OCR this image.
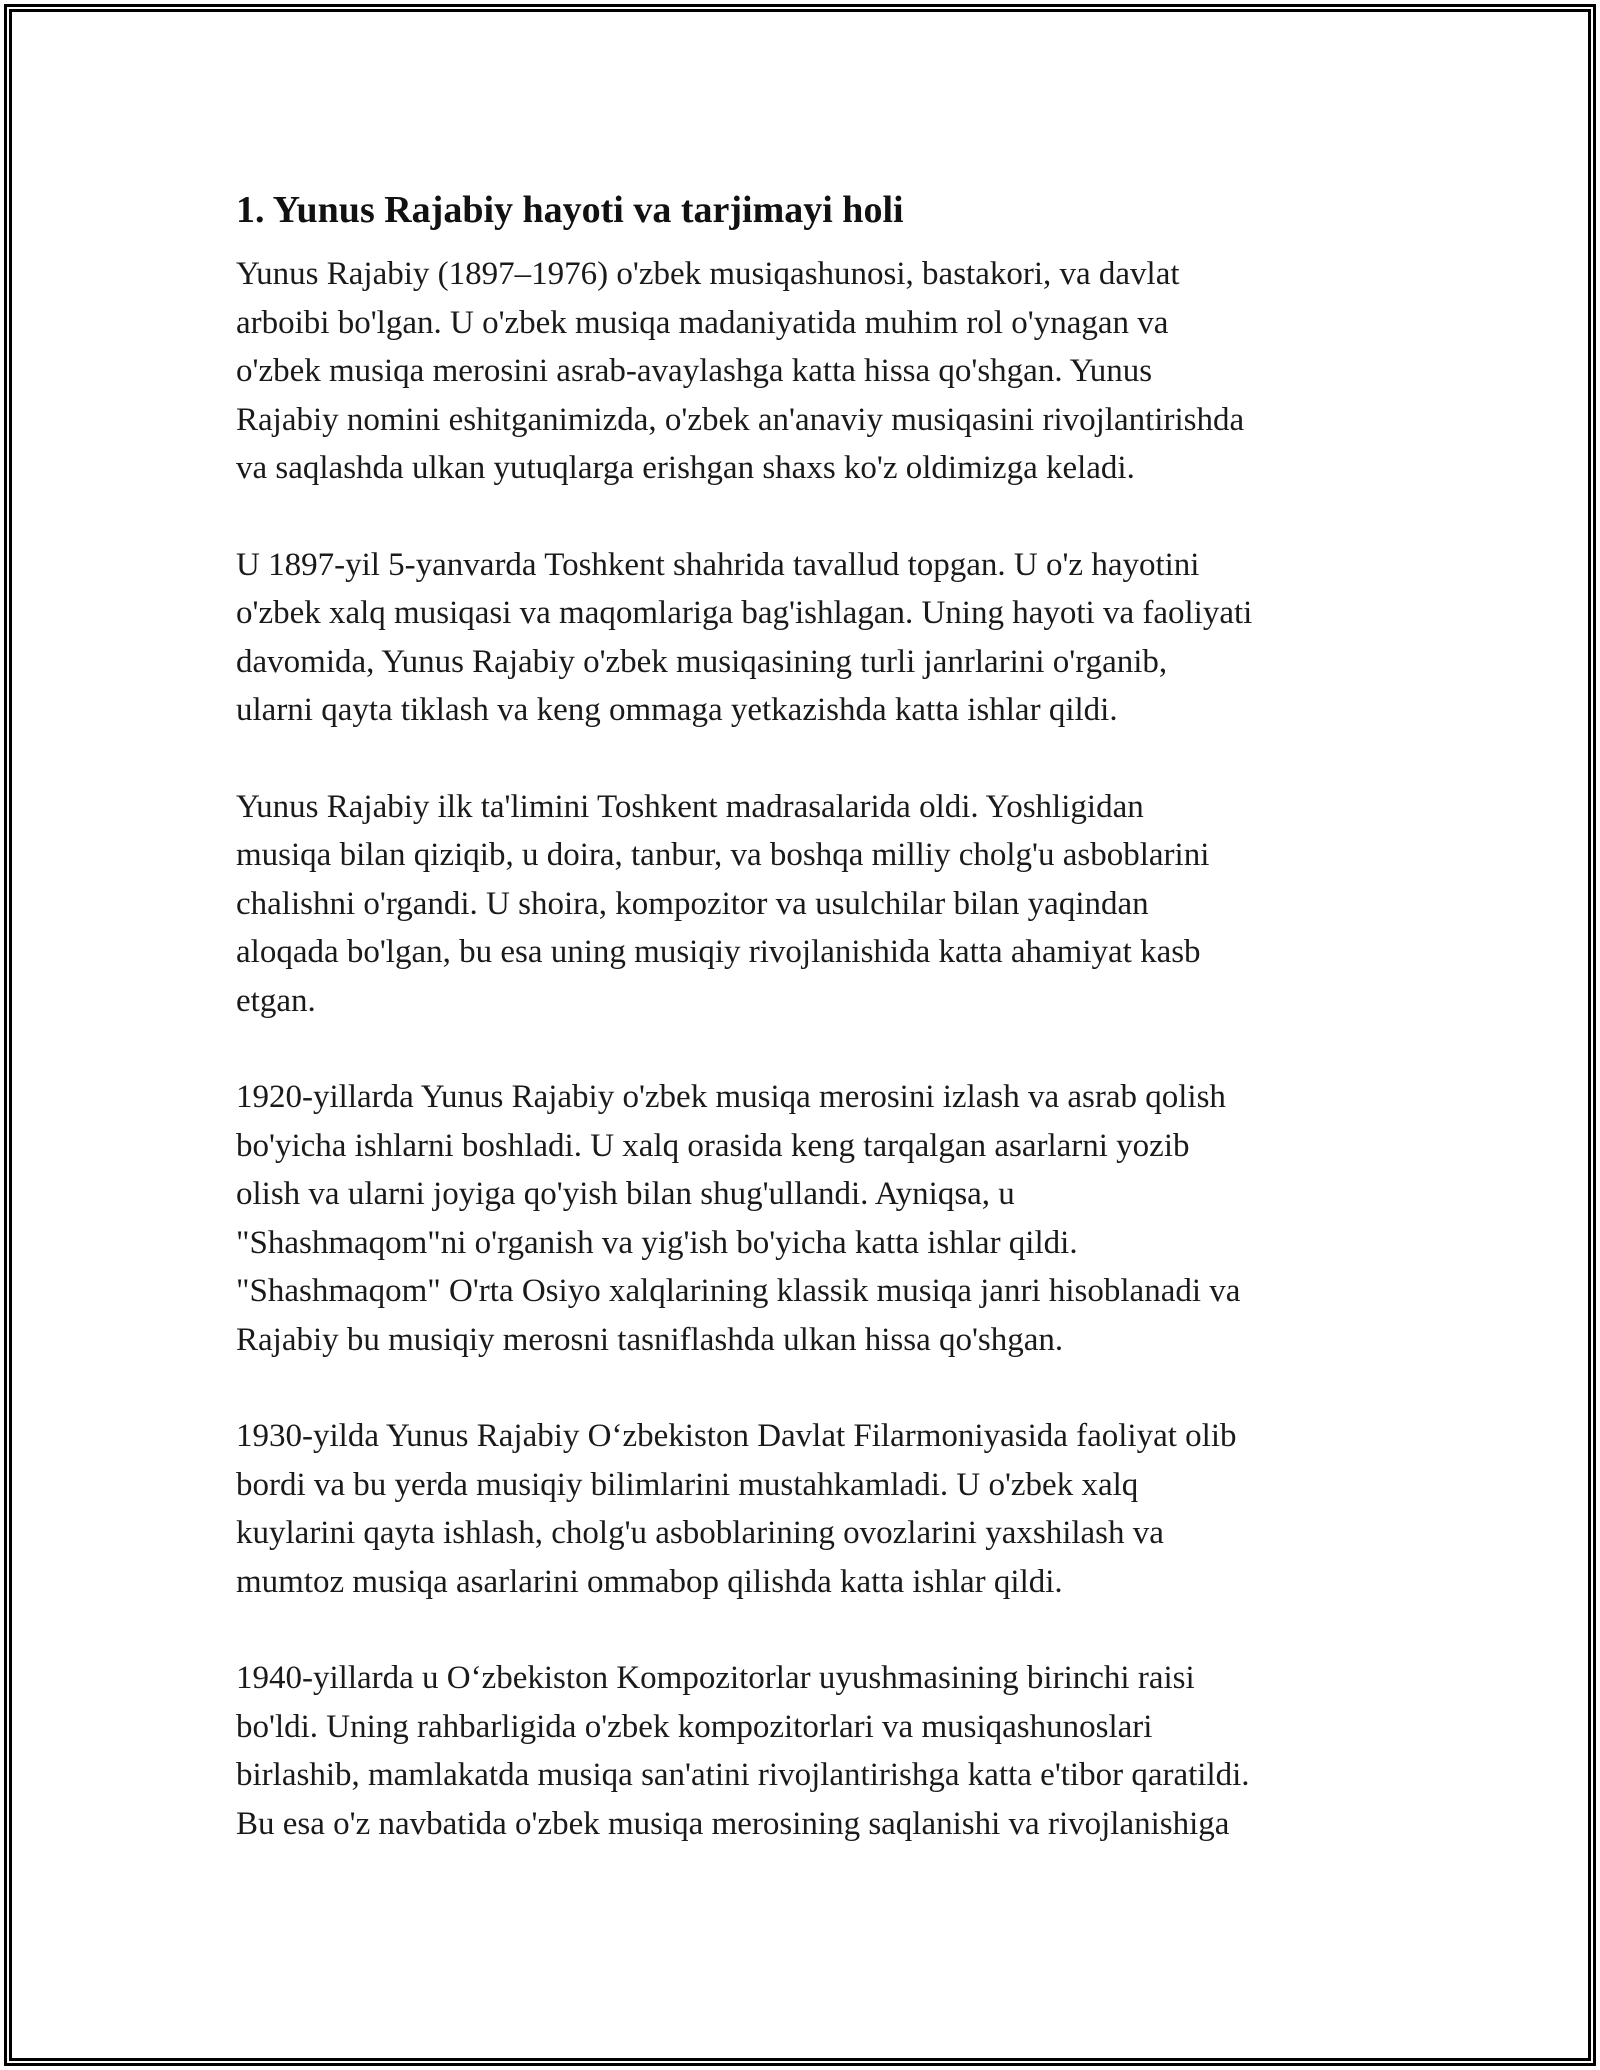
1. Yunus Rajabiy hayoti va tarjimayi holi

Yunus Rajabiy (1897–1976) o'zbek musiqashunosi, bastakori, va davlat
arboibi bo'lgan. U o'zbek musiqa madaniyatida muhim rol o'ynagan va
o'zbek musiqa merosini asrab-avaylashga katta hissa qo'shgan. Yunus
Rajabiy nomini eshitganimizda, o'zbek an'anaviy musiqasini rivojlantirishda
va saqlashda ulkan yutuqlarga erishgan shaxs ko'z oldimizga keladi.

U 1897-yil 5-yanvarda Toshkent shahrida tavallud topgan. U o'z hayotini
o'zbek xalq musiqasi va maqomlariga bag'ishlagan. Uning hayoti va faoliyati
davomida, Yunus Rajabiy o'zbek musiqasining turli janrlarini o'rganib,
ularni qayta tiklash va keng ommaga yetkazishda katta ishlar qildi.

Yunus Rajabiy ilk ta'limini Toshkent madrasalarida oldi. Yoshligidan
musiqa bilan qiziqib, u doira, tanbur, va boshqa milliy cholg'u asboblarini
chalishni o'rgandi. U shoira, kompozitor va usulchilar bilan yaqindan
aloqada bo'lgan, bu esa uning musiqiy rivojlanishida katta ahamiyat kasb
etgan.

1920-yillarda Yunus Rajabiy o'zbek musiqa merosini izlash va asrab qolish
bo'yicha ishlarni boshladi. U xalq orasida keng tarqalgan asarlarni yozib
olish va ularni joyiga qo'yish bilan shug'ullandi. Ayniqsa, u
"Shashmaqom"ni o'rganish va yig'ish bo'yicha katta ishlar qildi.
"Shashmaqom" O'rta Osiyo xalqlarining klassik musiqa janri hisoblanadi va
Rajabiy bu musiqiy merosni tasniflashda ulkan hissa qo'shgan.

1930-yilda Yunus Rajabiy O‘zbekiston Davlat Filarmoniyasida faoliyat olib
bordi va bu yerda musiqiy bilimlarini mustahkamladi. U o'zbek xalq
kuylarini qayta ishlash, cholg'u asboblarining ovozlarini yaxshilash va
mumtoz musiqa asarlarini ommabop qilishda katta ishlar qildi.

1940-yillarda u O‘zbekiston Kompozitorlar uyushmasining birinchi raisi
bo'ldi. Uning rahbarligida o'zbek kompozitorlari va musiqashunoslari
birlashib, mamlakatda musiqa san'atini rivojlantirishga katta e'tibor qaratildi.
Bu esa o'z navbatida o'zbek musiqa merosining saqlanishi va rivojlanishiga
